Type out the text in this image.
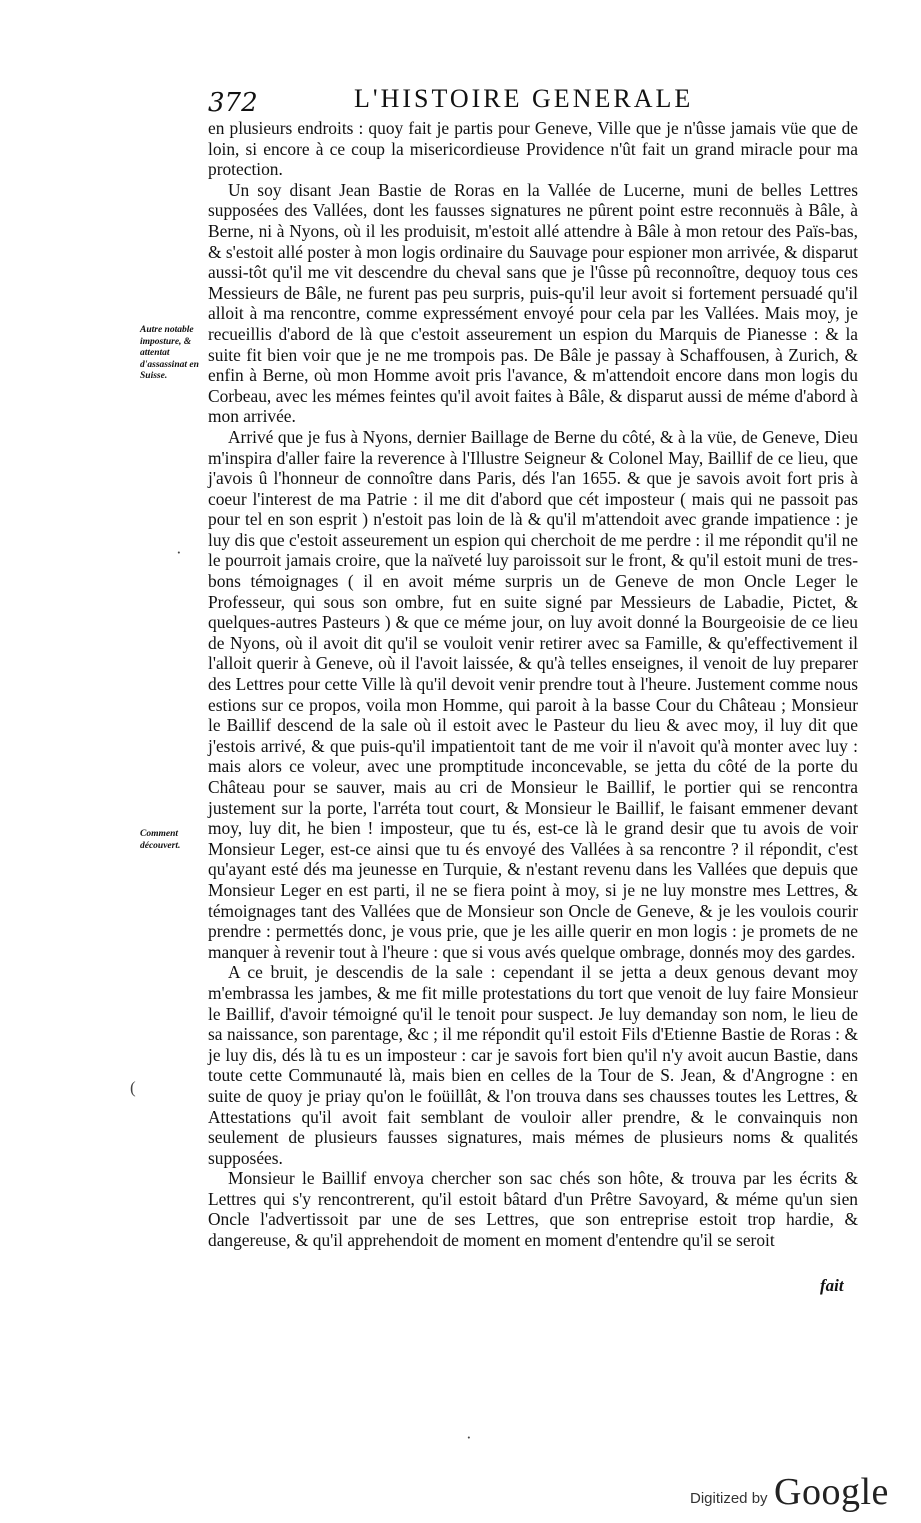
372	L'HISTOIRE GENERALE

en plusieurs endroits : quoy fait je partis pour Geneve, Ville que je n'ûsse jamais vüe que de loin, si encore à ce coup la misericordieuse Providence n'ût fait un grand miracle pour ma protection.

Un soy disant Jean Bastie de Roras en la Vallée de Lucerne, muni de belles Lettres supposées des Vallées, dont les fausses signatures ne pûrent point estre reconnuës à Bâle, à Berne, ni à Nyons, où il les produisit, m'estoit allé attendre à Bâle à mon retour des Païs-bas, & s'estoit allé poster à mon logis ordinaire du Sauvage pour espioner mon arrivée, & disparut aussi-tôt qu'il me vit descendre du cheval sans que je l'ûsse pû reconnoître, dequoy tous ces Messieurs de Bâle, ne furent pas peu surpris, puis-qu'il leur avoit si fortement persuadé qu'il alloit à ma rencontre, comme expressément envoyé pour cela par les Vallées. Mais moy, je recueillis d'abord de là que c'estoit asseurement un espion du Marquis de Pianesse : & la suite fit bien voir que je ne me trompois pas. De Bâle je passay à Schaffousen, à Zurich, & enfin à Berne, où mon Homme avoit pris l'avance, & m'attendoit encore dans mon logis du Corbeau, avec les mémes feintes qu'il avoit faites à Bâle, & disparut aussi de méme d'abord à mon arrivée.

Arrivé que je fus à Nyons, dernier Baillage de Berne du côté, & à la vüe, de Geneve, Dieu m'inspira d'aller faire la reverence à l'Illustre Seigneur & Colonel May, Baillif de ce lieu, que j'avois û l'honneur de connoître dans Paris, dés l'an 1655. & que je savois avoit fort pris à coeur l'interest de ma Patrie : il me dit d'abord que cét imposteur ( mais qui ne passoit pas pour tel en son esprit ) n'estoit pas loin de là & qu'il m'attendoit avec grande impatience : je luy dis que c'estoit asseurement un espion qui cherchoit de me perdre : il me répondit qu'il ne le pourroit jamais croire, que la naïveté luy paroissoit sur le front, & qu'il estoit muni de tres-bons témoignages ( il en avoit méme surpris un de Geneve de mon Oncle Leger le Professeur, qui sous son ombre, fut en suite signé par Messieurs de Labadie, Pictet, & quelques-autres Pasteurs ) & que ce méme jour, on luy avoit donné la Bourgeoisie de ce lieu de Nyons, où il avoit dit qu'il se vouloit venir retirer avec sa Famille, & qu'effectivement il l'alloit querir à Geneve, où il l'avoit laissée, & qu'à telles enseignes, il venoit de luy preparer des Lettres pour cette Ville là qu'il devoit venir prendre tout à l'heure. Justement comme nous estions sur ce propos, voila mon Homme, qui paroit à la basse Cour du Château ; Monsieur le Baillif descend de la sale où il estoit avec le Pasteur du lieu & avec moy, il luy dit que j'estois arrivé, & que puis-qu'il impatientoit tant de me voir il n'avoit qu'à monter avec luy : mais alors ce voleur, avec une promptitude inconcevable, se jetta du côté de la porte du Château pour se sauver, mais au cri de Monsieur le Baillif, le portier qui se rencontra justement sur la porte, l'arréta tout court, & Monsieur le Baillif, le faisant emmener devant moy, luy dit, he bien ! imposteur, que tu és, est-ce là le grand desir que tu avois de voir Monsieur Leger, est-ce ainsi que tu és envoyé des Vallées à sa rencontre ? il répondit, c'est qu'ayant esté dés ma jeunesse en Turquie, & n'estant revenu dans les Vallées que depuis que Monsieur Leger en est parti, il ne se fiera point à moy, si je ne luy monstre mes Lettres, & témoignages tant des Vallées que de Monsieur son Oncle de Geneve, & je les voulois courir prendre : permettés donc, je vous prie, que je les aille querir en mon logis : je promets de ne manquer à revenir tout à l'heure : que si vous avés quelque ombrage, donnés moy des gardes.

A ce bruit, je descendis de la sale : cependant il se jetta a deux genous devant moy m'embrassa les jambes, & me fit mille protestations du tort que venoit de luy faire Monsieur le Baillif, d'avoir témoigné qu'il le tenoit pour suspect. Je luy demanday son nom, le lieu de sa naissance, son parentage, &c ; il me répondit qu'il estoit Fils d'Etienne Bastie de Roras : & je luy dis, dés là tu es un imposteur : car je savois fort bien qu'il n'y avoit aucun Bastie, dans toute cette Communauté là, mais bien en celles de la Tour de S. Jean, & d'Angrogne : en suite de quoy je priay qu'on le foüillât, & l'on trouva dans ses chausses toutes les Lettres, & Attestations qu'il avoit fait semblant de vouloir aller prendre, & le convainquis non seulement de plusieurs fausses signatures, mais mémes de plusieurs noms & qualités supposées.

Monsieur le Baillif envoya chercher son sac chés son hôte, & trouva par les écrits & Lettres qui s'y rencontrerent, qu'il estoit bâtard d'un Prêtre Savoyard, & méme qu'un sien Oncle l'advertissoit par une de ses Lettres, que son entreprise estoit trop hardie, & dangereuse, & qu'il apprehendoit de moment en moment d'entendre qu'il se seroit

Autre notable imposture, & attentat d'assassinat en Suisse.
Comment découvert.
fait
·
(
·
Digitized by Google
